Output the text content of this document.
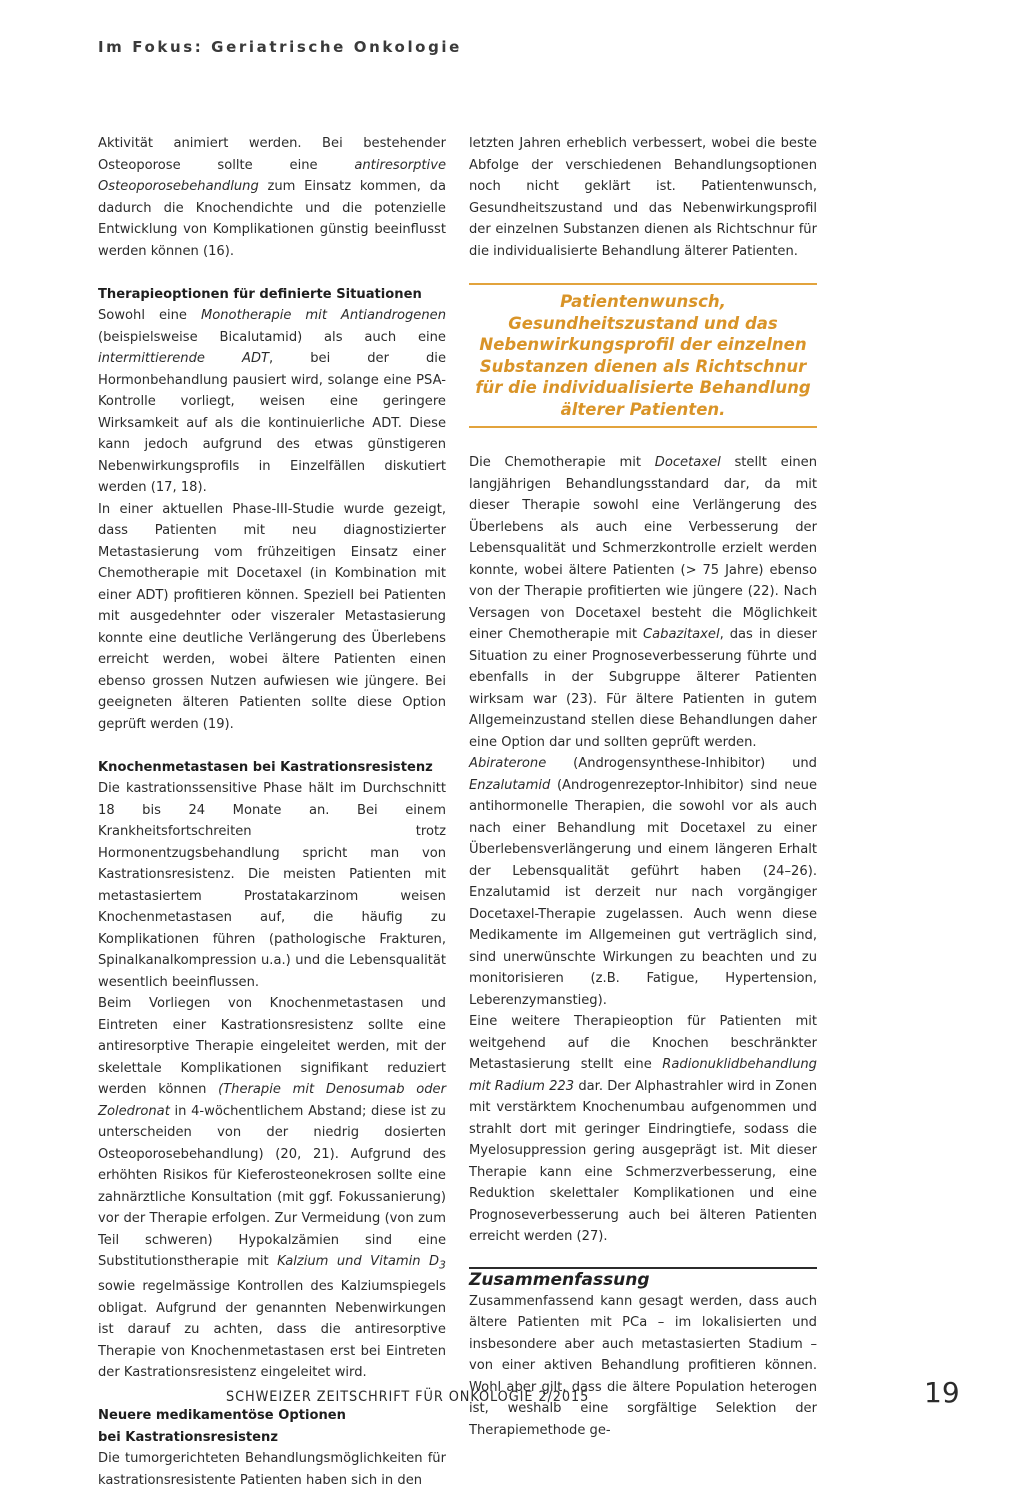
Im Fokus: Geriatrische Onkologie

Aktivität animiert werden. Bei bestehender Osteoporose sollte eine antiresorptive Osteoporosebehandlung zum Einsatz kommen, da dadurch die Knochendichte und die potenzielle Entwicklung von Komplikationen günstig beeinflusst werden können (16).

Therapieoptionen für definierte Situationen

Sowohl eine Monotherapie mit Antiandrogenen (beispielsweise Bicalutamid) als auch eine intermittierende ADT, bei der die Hormonbehandlung pausiert wird, solange eine PSA-Kontrolle vorliegt, weisen eine geringere Wirksamkeit auf als die kontinuierliche ADT. Diese kann jedoch aufgrund des etwas günstigeren Nebenwirkungsprofils in Einzelfällen diskutiert werden (17, 18).

In einer aktuellen Phase-III-Studie wurde gezeigt, dass Patienten mit neu diagnostizierter Metastasierung vom frühzeitigen Einsatz einer Chemotherapie mit Docetaxel (in Kombination mit einer ADT) profitieren können. Speziell bei Patienten mit ausgedehnter oder viszeraler Metastasierung konnte eine deutliche Verlängerung des Überlebens erreicht werden, wobei ältere Patienten einen ebenso grossen Nutzen aufwiesen wie jüngere. Bei geeigneten älteren Patienten sollte diese Option geprüft werden (19).

Knochenmetastasen bei Kastrationsresistenz

Die kastrationssensitive Phase hält im Durchschnitt 18 bis 24 Monate an. Bei einem Krankheitsfortschreiten trotz Hormonentzugsbehandlung spricht man von Kastrationsresistenz. Die meisten Patienten mit metastasiertem Prostatakarzinom weisen Knochenmetastasen auf, die häufig zu Komplikationen führen (pathologische Frakturen, Spinalkanalkompression u.a.) und die Lebensqualität wesentlich beeinflussen.

Beim Vorliegen von Knochenmetastasen und Eintreten einer Kastrationsresistenz sollte eine antiresorptive Therapie eingeleitet werden, mit der skelettale Komplikationen signifikant reduziert werden können (Therapie mit Denosumab oder Zoledronat in 4-wöchentlichem Abstand; diese ist zu unterscheiden von der niedrig dosierten Osteoporosebehandlung) (20, 21). Aufgrund des erhöhten Risikos für Kieferosteonekrosen sollte eine zahnärztliche Konsultation (mit ggf. Fokussanierung) vor der Therapie erfolgen. Zur Vermeidung (von zum Teil schweren) Hypokalzämien sind eine Substitutionstherapie mit Kalzium und Vitamin $D_3$ sowie regelmässige Kontrollen des Kalziumspiegels obligat. Aufgrund der genannten Nebenwirkungen ist darauf zu achten, dass die antiresorptive Therapie von Knochenmetastasen erst bei Eintreten der Kastrationsresistenz eingeleitet wird.

Neuere medikamentöse Optionen
bei Kastrationsresistenz

Die tumorgerichteten Behandlungsmöglichkeiten für kastrationsresistente Patienten haben sich in den

letzten Jahren erheblich verbessert, wobei die beste Abfolge der verschiedenen Behandlungsoptionen noch nicht geklärt ist. Patientenwunsch, Gesundheitszustand und das Nebenwirkungsprofil der einzelnen Substanzen dienen als Richtschnur für die individualisierte Behandlung älterer Patienten.

Patientenwunsch, Gesundheitszustand und das Nebenwirkungsprofil der einzelnen Substanzen dienen als Richtschnur für die individualisierte Behandlung älterer Patienten.

Die Chemotherapie mit Docetaxel stellt einen langjährigen Behandlungsstandard dar, da mit dieser Therapie sowohl eine Verlängerung des Überlebens als auch eine Verbesserung der Lebensqualität und Schmerzkontrolle erzielt werden konnte, wobei ältere Patienten (> 75 Jahre) ebenso von der Therapie profitierten wie jüngere (22). Nach Versagen von Docetaxel besteht die Möglichkeit einer Chemotherapie mit Cabazitaxel, das in dieser Situation zu einer Prognoseverbesserung führte und ebenfalls in der Subgruppe älterer Patienten wirksam war (23). Für ältere Patienten in gutem Allgemeinzustand stellen diese Behandlungen daher eine Option dar und sollten geprüft werden.

Abiraterone (Androgensynthese-Inhibitor) und Enzalutamid (Androgenrezeptor-Inhibitor) sind neue antihormonelle Therapien, die sowohl vor als auch nach einer Behandlung mit Docetaxel zu einer Überlebensverlängerung und einem längeren Erhalt der Lebensqualität geführt haben (24–26). Enzalutamid ist derzeit nur nach vorgängiger Docetaxel-Therapie zugelassen. Auch wenn diese Medikamente im Allgemeinen gut verträglich sind, sind unerwünschte Wirkungen zu beachten und zu monitorisieren (z.B. Fatigue, Hypertension, Leberenzymanstieg).

Eine weitere Therapieoption für Patienten mit weitgehend auf die Knochen beschränkter Metastasierung stellt eine Radionuklidbehandlung mit Radium 223 dar. Der Alphastrahler wird in Zonen mit verstärktem Knochenumbau aufgenommen und strahlt dort mit geringer Eindringtiefe, sodass die Myelosuppression gering ausgeprägt ist. Mit dieser Therapie kann eine Schmerzverbesserung, eine Reduktion skelettaler Komplikationen und eine Prognoseverbesserung auch bei älteren Patienten erreicht werden (27).

Zusammenfassung

Zusammenfassend kann gesagt werden, dass auch ältere Patienten mit PCa – im lokalisierten und insbesondere aber auch metastasierten Stadium – von einer aktiven Behandlung profitieren können. Wohl aber gilt, dass die ältere Population heterogen ist, weshalb eine sorgfältige Selektion der Therapiemethode ge-

SCHWEIZER ZEITSCHRIFT FÜR ONKOLOGIE 2/2015	19
